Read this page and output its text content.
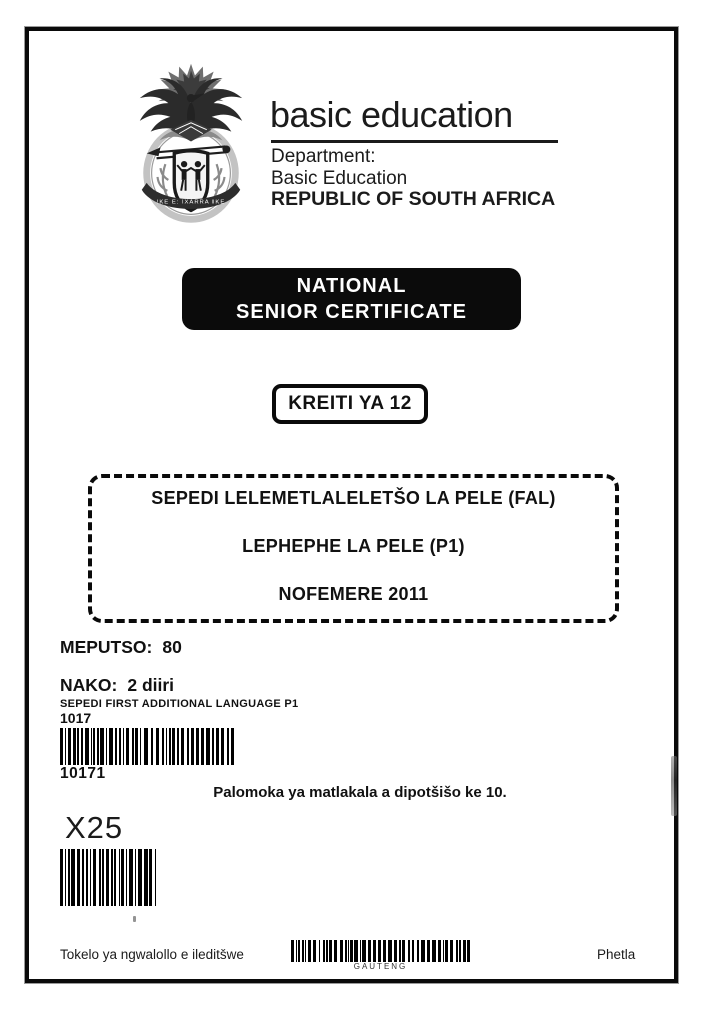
ǃKE E: ǀXARRA ǁKE
basic education
Department:
Basic Education
REPUBLIC OF SOUTH AFRICA
NATIONAL
SENIOR CERTIFICATE
KREITI YA 12
SEPEDI LELEMETLALELETŠO LA PELE (FAL)
LEPHEPHE LA PELE (P1)
NOFEMERE 2011
MEPUTSO: 80
NAKO: 2 diiri
SEPEDI FIRST ADDITIONAL LANGUAGE P1
1017
10171
Palomoka ya matlakala a dipotšišo ke 10.
X25
Tokelo ya ngwalollo e ileditšwe
GAUTENG
Phetla
